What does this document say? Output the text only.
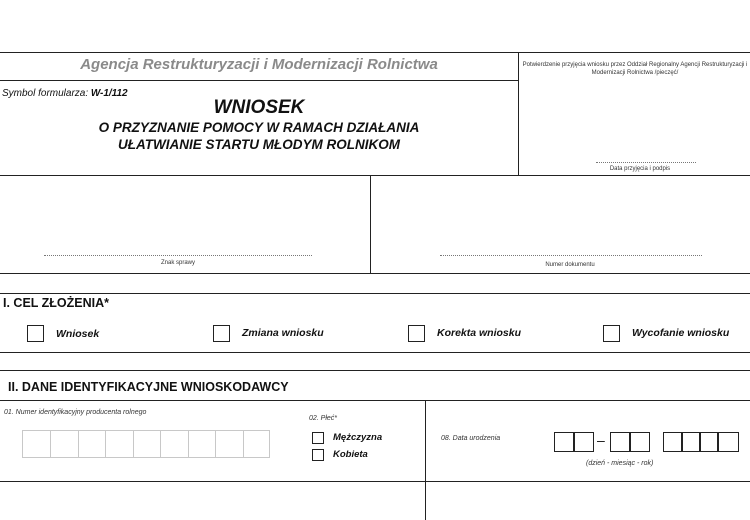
Agencja Restrukturyzacji i Modernizacji Rolnictwa
Symbol formularza: W-1/112
WNIOSEK
O PRZYZNANIE POMOCY W RAMACH DZIAŁANIA
UŁATWIANIE STARTU MŁODYM ROLNIKOM
Potwierdzenie przyjęcia wniosku przez Oddział Regionalny Agencji Restrukturyzacji i Modernizacji Rolnictwa /pieczęć/
Data przyjęcia i podpis
Znak sprawy	Numer dokumentu
I. CEL ZŁOŻENIA*
Wniosek	Zmiana wniosku	Korekta wniosku	Wycofanie wniosku
II. DANE IDENTYFIKACYJNE WNIOSKODAWCY
01. Numer identyfikacyjny producenta rolnego
02. Płeć*
Mężczyzna
Kobieta
08. Data urodzenia	–
(dzień - miesiąc - rok)
